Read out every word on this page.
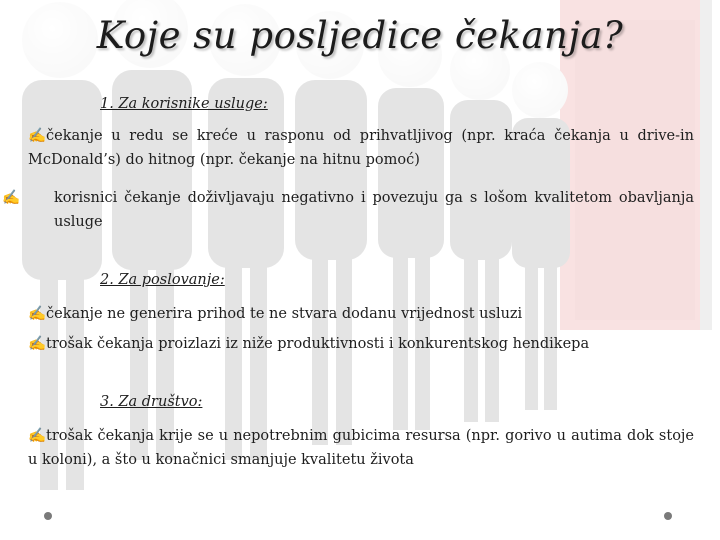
Koje su posljedice čekanja?
1. Za korisnike usluge:
✍čekanje u redu se kreće u rasponu od prihvatljivog (npr. kraća čekanja u drive-in McDonald’s) do hitnog (npr. čekanje na hitnu pomoć)
✍ korisnici čekanje doživljavaju negativno i povezuju ga s lošom kvalitetom obavljanja usluge
2. Za poslovanje:
✍čekanje ne generira prihod te ne stvara dodanu vrijednost usluzi
✍trošak čekanja proizlazi iz niže produktivnosti i konkurentskog hendikepa
3. Za društvo:
✍trošak čekanja krije se u nepotrebnim gubicima resursa (npr. gorivo u autima dok stoje u koloni), a što u konačnici smanjuje kvalitetu života
